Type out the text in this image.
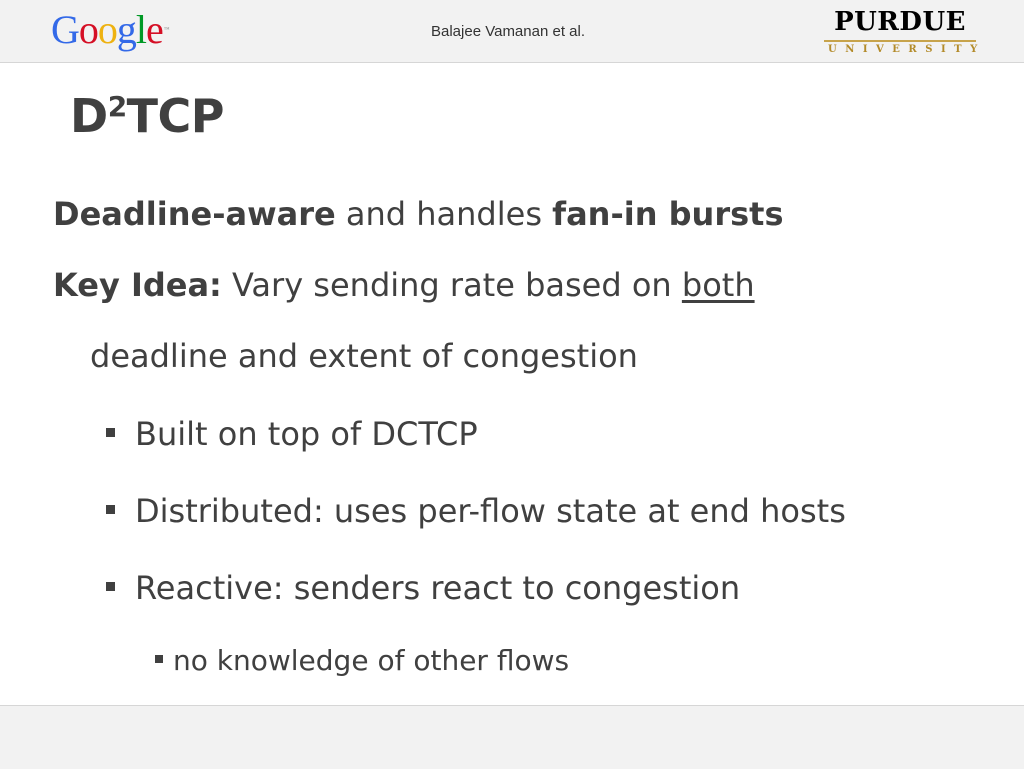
Google™	Balajee Vamanan et al.	PURDUE
UNIVERSITY
$D^2TCP$

Deadline-aware and handles fan-in bursts

Key Idea: Vary sending rate based on both

deadline and extent of congestion

Built on top of DCTCP
Distributed: uses per-flow state at end hosts
Reactive: senders react to congestion
no knowledge of other flows
